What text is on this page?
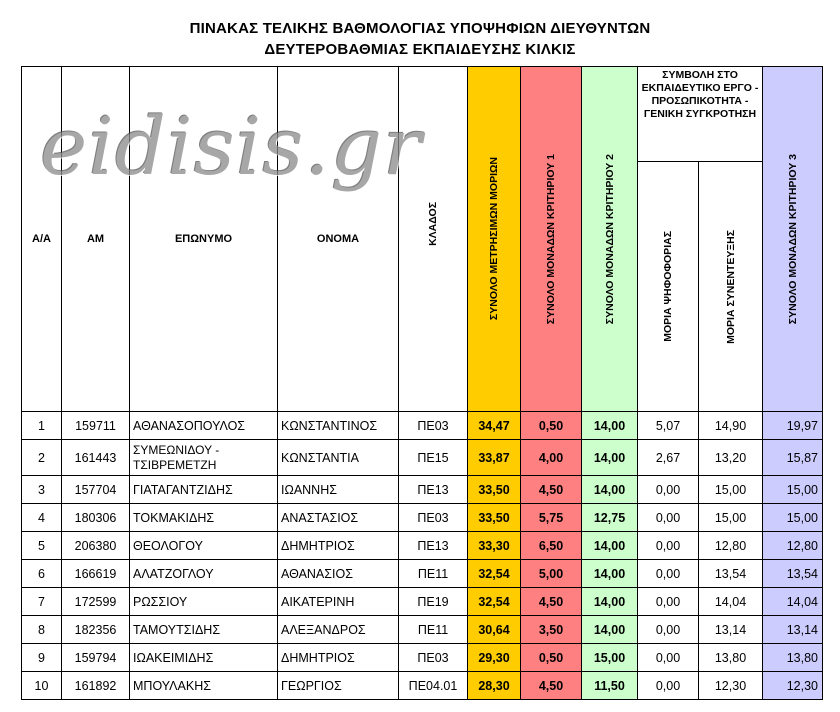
ΠΙΝΑΚΑΣ ΤΕΛΙΚΗΣ ΒΑΘΜΟΛΟΓΙΑΣ ΥΠΟΨΗΦΙΩΝ ΔΙΕΥΘΥΝΤΩΝ
ΔΕΥΤΕΡΟΒΑΘΜΙΑΣ ΕΚΠΑΙΔΕΥΣΗΣ ΚΙΛΚΙΣ
Α/Α	ΑΜ	ΕΠΩΝΥΜΟ	ΟΝΟΜΑ	ΚΛΑΔΟΣ	ΣΥΝΟΛΟ ΜΕΤΡΗΣΙΜΩΝ ΜΟΡΙΩΝ	ΣΥΝΟΛΟ ΜΟΝΑΔΩΝ ΚΡΙΤΗΡΙΟΥ 1	ΣΥΝΟΛΟ ΜΟΝΑΔΩΝ ΚΡΙΤΗΡΙΟΥ 2	ΣΥΜΒΟΛΗ ΣΤΟ ΕΚΠΑΙΔΕΥΤΙΚΟ ΕΡΓΟ - ΠΡΟΣΩΠΙΚΟΤΗΤΑ - ΓΕΝΙΚΗ ΣΥΓΚΡΟΤΗΣΗ		ΣΥΝΟΛΟ ΜΟΝΑΔΩΝ ΚΡΙΤΗΡΙΟΥ 3

								ΜΟΡΙΑ ΨΗΦΟΦΟΡΙΑΣ	ΜΟΡΙΑ ΣΥΝΕΝΤΕΥΞΗΣ	

1	159711	ΑΘΑΝΑΣΟΠΟΥΛΟΣ	ΚΩΝΣΤΑΝΤΙΝΟΣ	ΠΕ03	34,47	0,50	14,00	5,07	14,90	19,97
2	161443	ΣΥΜΕΩΝΙΔΟΥ - ΤΣΙΒΡΕΜΕΤΖΗ	ΚΩΝΣΤΑΝΤΙΑ	ΠΕ15	33,87	4,00	14,00	2,67	13,20	15,87
3	157704	ΓΙΑΤΑΓΑΝΤΖΙΔΗΣ	ΙΩΑΝΝΗΣ	ΠΕ13	33,50	4,50	14,00	0,00	15,00	15,00
4	180306	ΤΟΚΜΑΚΙΔΗΣ	ΑΝΑΣΤΑΣΙΟΣ	ΠΕ03	33,50	5,75	12,75	0,00	15,00	15,00
5	206380	ΘΕΟΛΟΓΟΥ	ΔΗΜΗΤΡΙΟΣ	ΠΕ13	33,30	6,50	14,00	0,00	12,80	12,80
6	166619	ΑΛΑΤΖΟΓΛΟΥ	ΑΘΑΝΑΣΙΟΣ	ΠΕ11	32,54	5,00	14,00	0,00	13,54	13,54
7	172599	ΡΩΣΣΙΟΥ	ΑΙΚΑΤΕΡΙΝΗ	ΠΕ19	32,54	4,50	14,00	0,00	14,04	14,04
8	182356	ΤΑΜΟΥΤΣΙΔΗΣ	ΑΛΕΞΑΝΔΡΟΣ	ΠΕ11	30,64	3,50	14,00	0,00	13,14	13,14
9	159794	ΙΩΑΚΕΙΜΙΔΗΣ	ΔΗΜΗΤΡΙΟΣ	ΠΕ03	29,30	0,50	15,00	0,00	13,80	13,80
10	161892	ΜΠΟΥΛΑΚΗΣ	ΓΕΩΡΓΙΟΣ	ΠΕ04.01	28,30	4,50	11,50	0,00	12,30	12,30
eidisis.gr
